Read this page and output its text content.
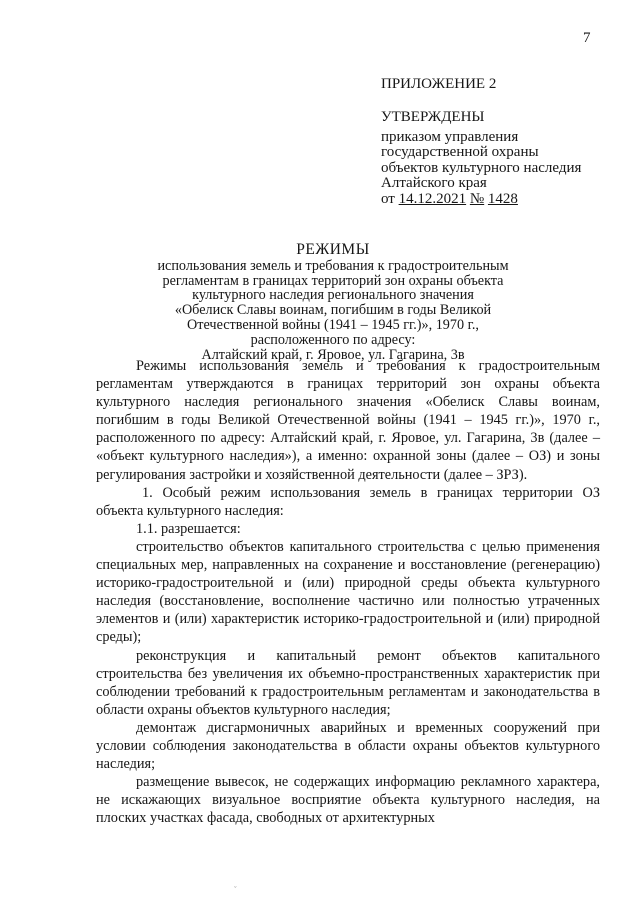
7
ПРИЛОЖЕНИЕ 2
УТВЕРЖДЕНЫ
приказом управления
государственной охраны
объектов культурного наследия
Алтайского края
от 14.12.2021 № 1428
РЕЖИМЫ
использования земель и требования к градостроительным
регламентам в границах территорий зон охраны объекта
культурного наследия регионального значения
«Обелиск Славы воинам, погибшим в годы Великой
Отечественной войны (1941 – 1945 гг.)», 1970 г.,
расположенного по адресу:
Алтайский край, г. Яровое, ул. Гагарина, 3в

Режимы использования земель и требования к градостроительным регламентам утверждаются в границах территорий зон охраны объекта культурного наследия регионального значения «Обелиск Славы воинам, погибшим в годы Великой Отечественной войны (1941 – 1945 гг.)», 1970 г., расположенного по адресу: Алтайский край, г. Яровое, ул. Гагарина, 3в (далее – «объект культурного наследия»), а именно: охранной зоны (далее – ОЗ) и зоны регулирования застройки и хозяйственной деятельности (далее – ЗРЗ).

1. Особый режим использования земель в границах территории ОЗ объекта культурного наследия:

1.1. разрешается:

строительство объектов капитального строительства с целью применения специальных мер, направленных на сохранение и восстановление (регенерацию) историко-градостроительной и (или) природной среды объекта культурного наследия (восстановление, восполнение частично или полностью утраченных элементов и (или) характеристик историко-градостроительной и (или) природной среды);

реконструкция и капитальный ремонт объектов капитального строительства без увеличения их объемно-пространственных характеристик при соблюдении требований к градостроительным регламентам и законодательства в области охраны объектов культурного наследия;

демонтаж дисгармоничных аварийных и временных сооружений при условии соблюдения законодательства в области охраны объектов культурного наследия;

размещение вывесок, не содержащих информацию рекламного характера, не искажающих визуальное восприятие объекта культурного наследия, на плоских участках фасада, свободных от архитектурных

ˇ
